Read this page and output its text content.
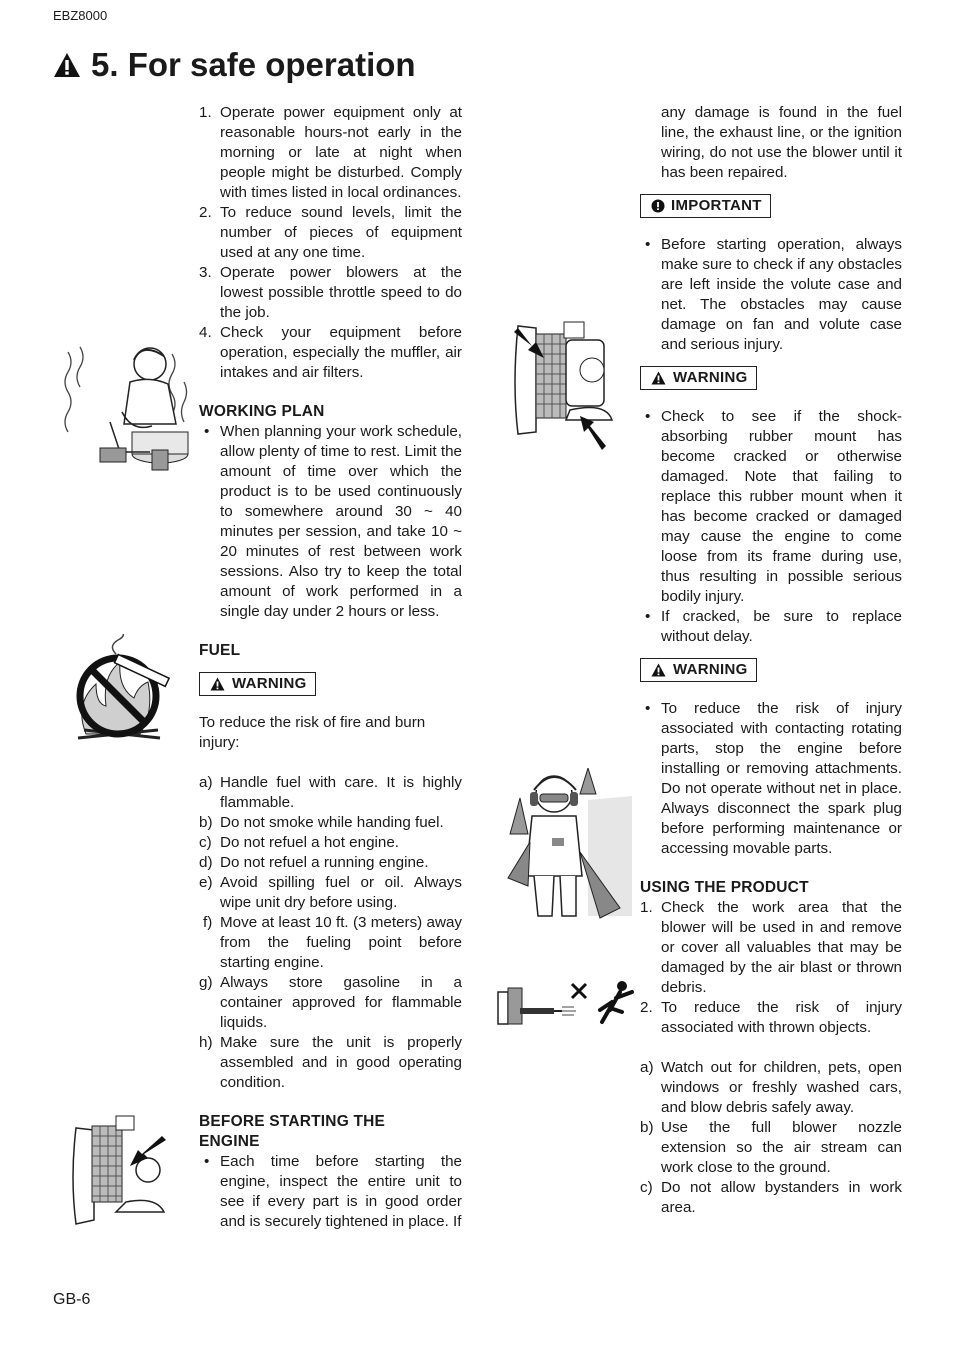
EBZ8000
5. For safe operation
1. Operate power equipment only at reasonable hours-not early in the morning or late at night when people might be disturbed. Comply with times listed in local ordinances.
2. To reduce sound levels, limit the number of pieces of equipment used at any one time.
3. Operate power blowers at the lowest possible throttle speed to do the job.
4. Check your equipment before operation, especially the muffler, air intakes and air filters.
WORKING PLAN
• When planning your work schedule, allow plenty of time to rest. Limit the amount of time over which the product is to be used continuously to somewhere around 30 ~ 40 minutes per session, and take 10 ~ 20 minutes of rest between work sessions. Also try to keep the total amount of work performed in a single day under 2 hours or less.
FUEL
WARNING
To reduce the risk of fire and burn injury:
a) Handle fuel with care. It is highly flammable.
b) Do not smoke while handing fuel.
c) Do not refuel a hot engine.
d) Do not refuel a running engine.
e) Avoid spilling fuel or oil. Always wipe unit dry before using.
f) Move at least 10 ft. (3 meters) away from the fueling point before starting engine.
g) Always store gasoline in a container approved for flammable liquids.
h) Make sure the unit is properly assembled and in good operating condition.
BEFORE STARTING THE
ENGINE
• Each time before starting the engine, inspect the entire unit to see if every part is in good order and is securely tightened in place. If
any damage is found in the fuel line, the exhaust line, or the ignition wiring, do not use the blower until it has been repaired.
IMPORTANT
• Before starting operation, always make sure to check if any obstacles are left inside the volute case and net. The obstacles may cause damage on fan and volute case and serious injury.
WARNING
• Check to see if the shock-absorbing rubber mount has become cracked or otherwise damaged. Note that failing to replace this rubber mount when it has become cracked or damaged may cause the engine to come loose from its frame during use, thus resulting in possible serious bodily injury.
• If cracked, be sure to replace without delay.
WARNING
• To reduce the risk of injury associated with contacting rotating parts, stop the engine before installing or removing attachments. Do not operate without net in place. Always disconnect the spark plug before performing maintenance or accessing movable parts.
USING THE PRODUCT
1. Check the work area that the blower will be used in and remove or cover all valuables that may be damaged by the air blast or thrown debris.
2. To reduce the risk of injury associated with thrown objects.
a) Watch out for children, pets, open windows or freshly washed cars, and blow debris safely away.
b) Use the full blower nozzle extension so the air stream can work close to the ground.
c) Do not allow bystanders in work area.
GB-6
